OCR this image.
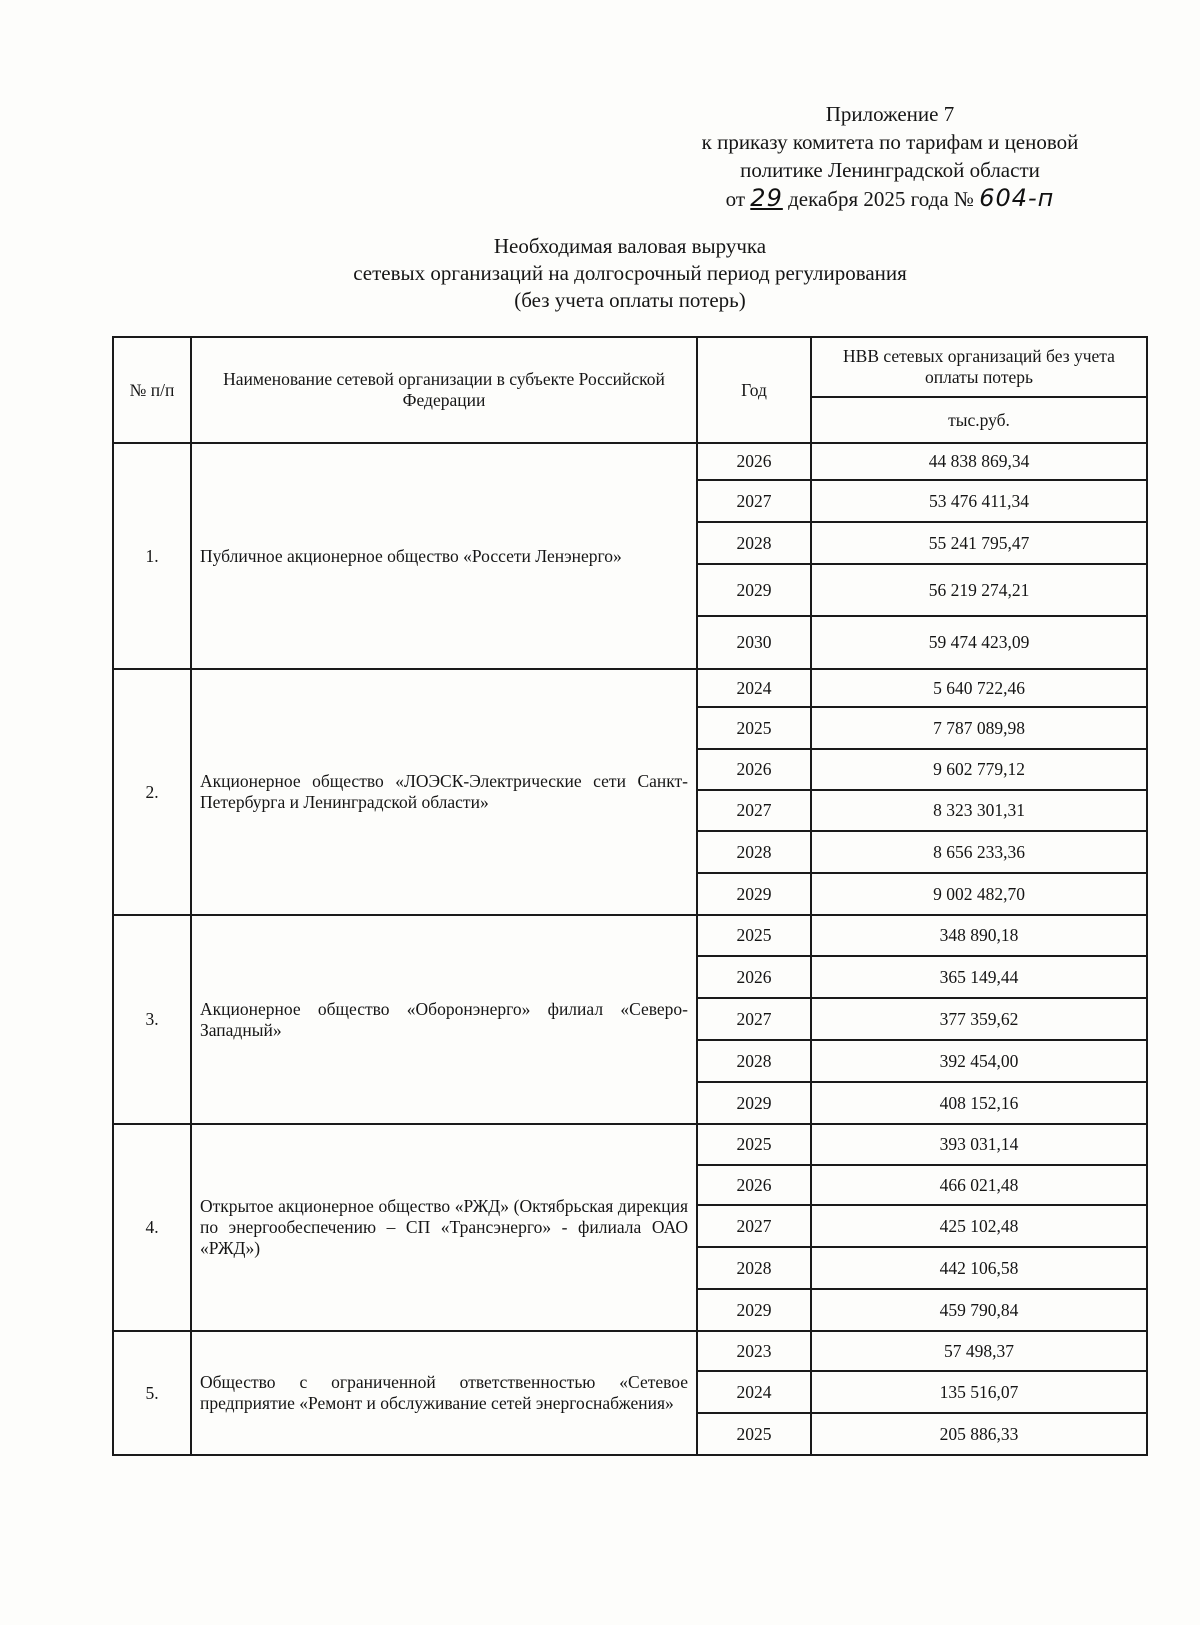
Приложение 7
к приказу комитета по тарифам и ценовой
политике Ленинградской области
от 29 декабря 2025 года № 604-п
Необходимая валовая выручка
сетевых организаций на долгосрочный период регулирования
(без учета оплаты потерь)
№ п/п	Наименование сетевой организации в субъекте Российской Федерации	Год	НВВ сетевых организаций без учета оплаты потерь
			тыс.руб.
1.	Публичное акционерное общество «Россети Ленэнерго»	2026	44 838 869,34
		2027	53 476 411,34
		2028	55 241 795,47
		2029	56 219 274,21
		2030	59 474 423,09
2.	Акционерное общество «ЛОЭСК-Электрические сети Санкт-Петербурга и Ленинградской области»	2024	5 640 722,46
		2025	7 787 089,98
		2026	9 602 779,12
		2027	8 323 301,31
		2028	8 656 233,36
		2029	9 002 482,70
3.	Акционерное общество «Оборонэнерго» филиал «Северо-Западный»	2025	348 890,18
		2026	365 149,44
		2027	377 359,62
		2028	392 454,00
		2029	408 152,16
4.	Открытое акционерное общество «РЖД» (Октябрьская дирекция по энергообеспечению – СП «Трансэнерго» - филиала ОАО «РЖД»)	2025	393 031,14
		2026	466 021,48
		2027	425 102,48
		2028	442 106,58
		2029	459 790,84
5.	Общество с ограниченной ответственностью «Сетевое предприятие «Ремонт и обслуживание сетей энергоснабжения»	2023	57 498,37
		2024	135 516,07
		2025	205 886,33
